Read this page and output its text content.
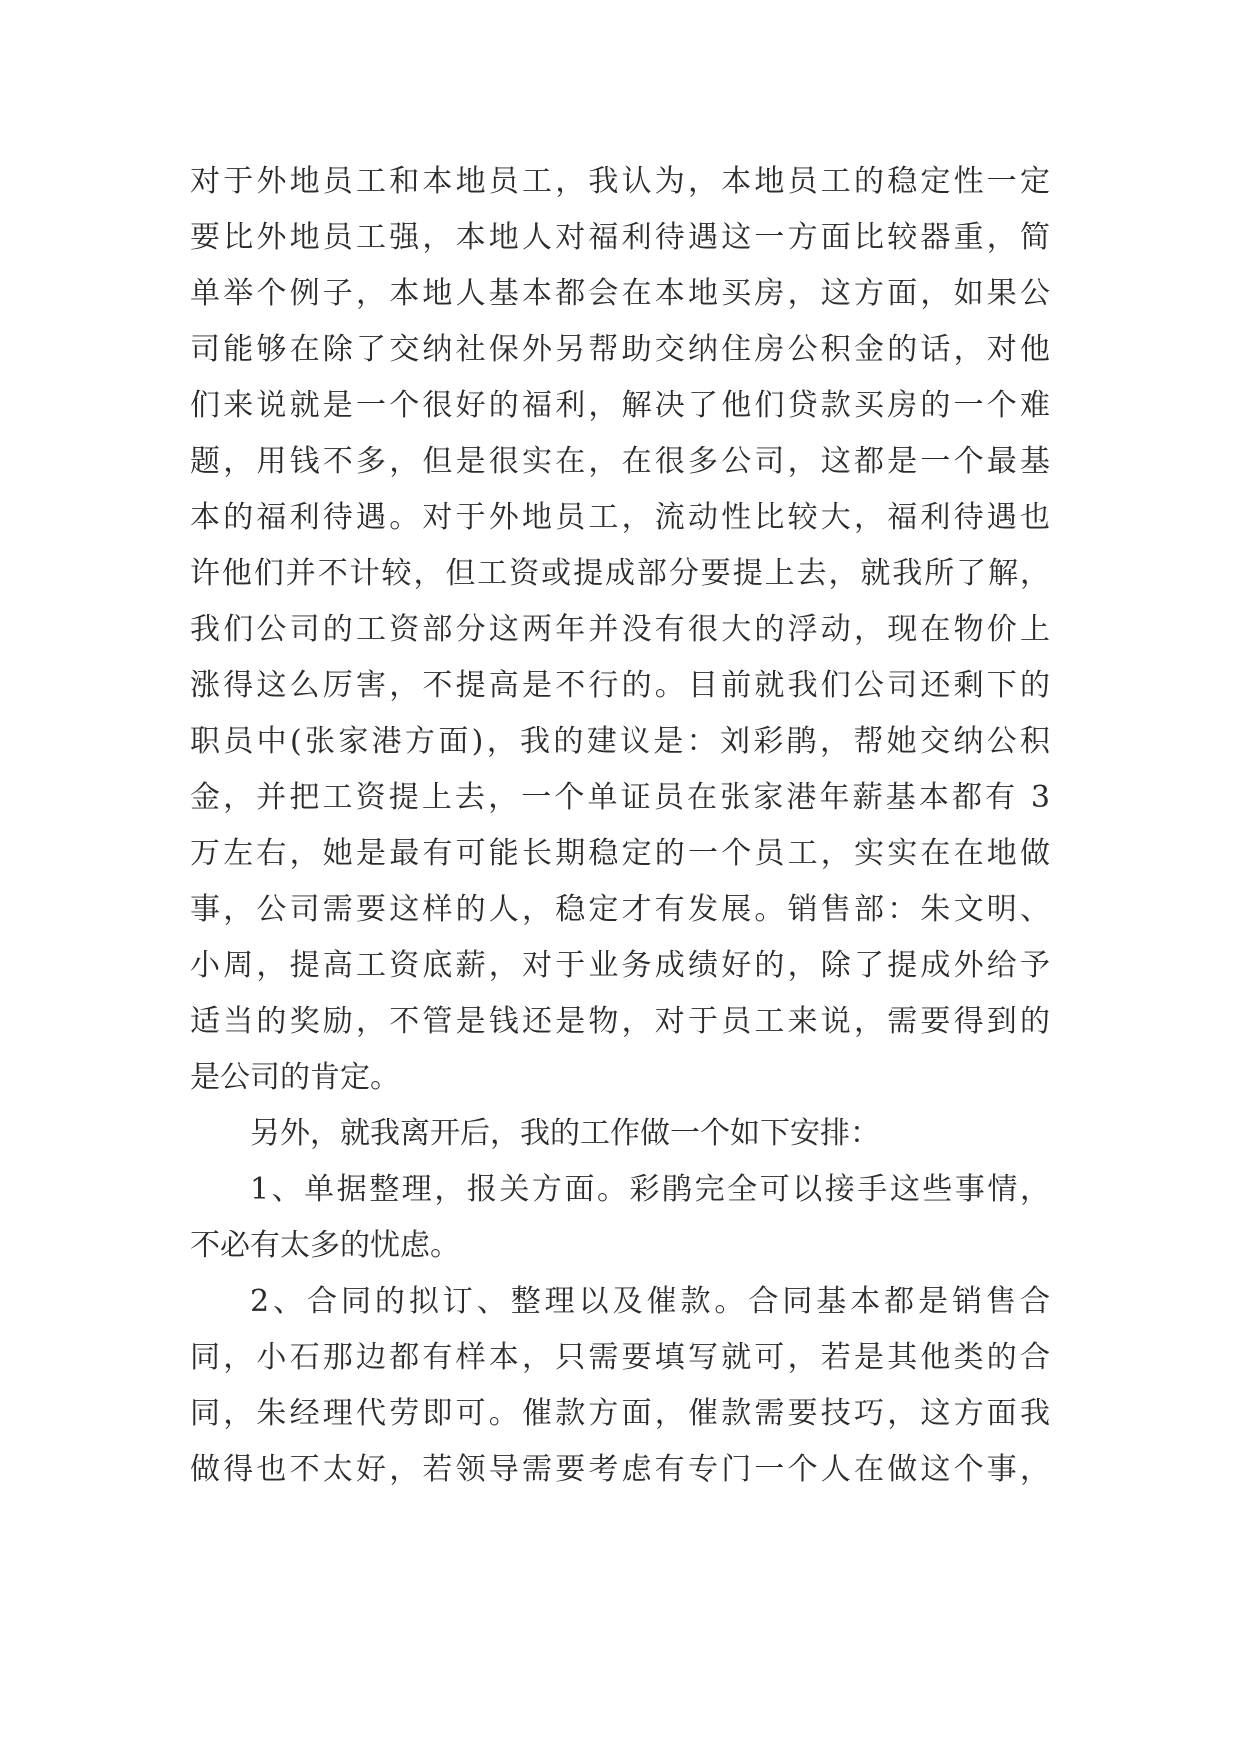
对于外地员工和本地员工，我认为，本地员工的稳定性一定
要比外地员工强，本地人对福利待遇这一方面比较器重，简
单举个例子，本地人基本都会在本地买房，这方面，如果公
司能够在除了交纳社保外另帮助交纳住房公积金的话，对他
们来说就是一个很好的福利，解决了他们贷款买房的一个难
题，用钱不多，但是很实在，在很多公司，这都是一个最基
本的福利待遇。对于外地员工，流动性比较大，福利待遇也
许他们并不计较，但工资或提成部分要提上去，就我所了解，
我们公司的工资部分这两年并没有很大的浮动，现在物价上
涨得这么厉害，不提高是不行的。目前就我们公司还剩下的
职员中(张家港方面)，我的建议是：刘彩鹃，帮她交纳公积
金，并把工资提上去，一个单证员在张家港年薪基本都有 3
万左右，她是最有可能长期稳定的一个员工，实实在在地做
事，公司需要这样的人，稳定才有发展。销售部：朱文明、
小周，提高工资底薪，对于业务成绩好的，除了提成外给予
适当的奖励，不管是钱还是物，对于员工来说，需要得到的
是公司的肯定。
另外，就我离开后，我的工作做一个如下安排：
1、单据整理，报关方面。彩鹃完全可以接手这些事情，
不必有太多的忧虑。
2、合同的拟订、整理以及催款。合同基本都是销售合
同，小石那边都有样本，只需要填写就可，若是其他类的合
同，朱经理代劳即可。催款方面，催款需要技巧，这方面我
做得也不太好，若领导需要考虑有专门一个人在做这个事，
